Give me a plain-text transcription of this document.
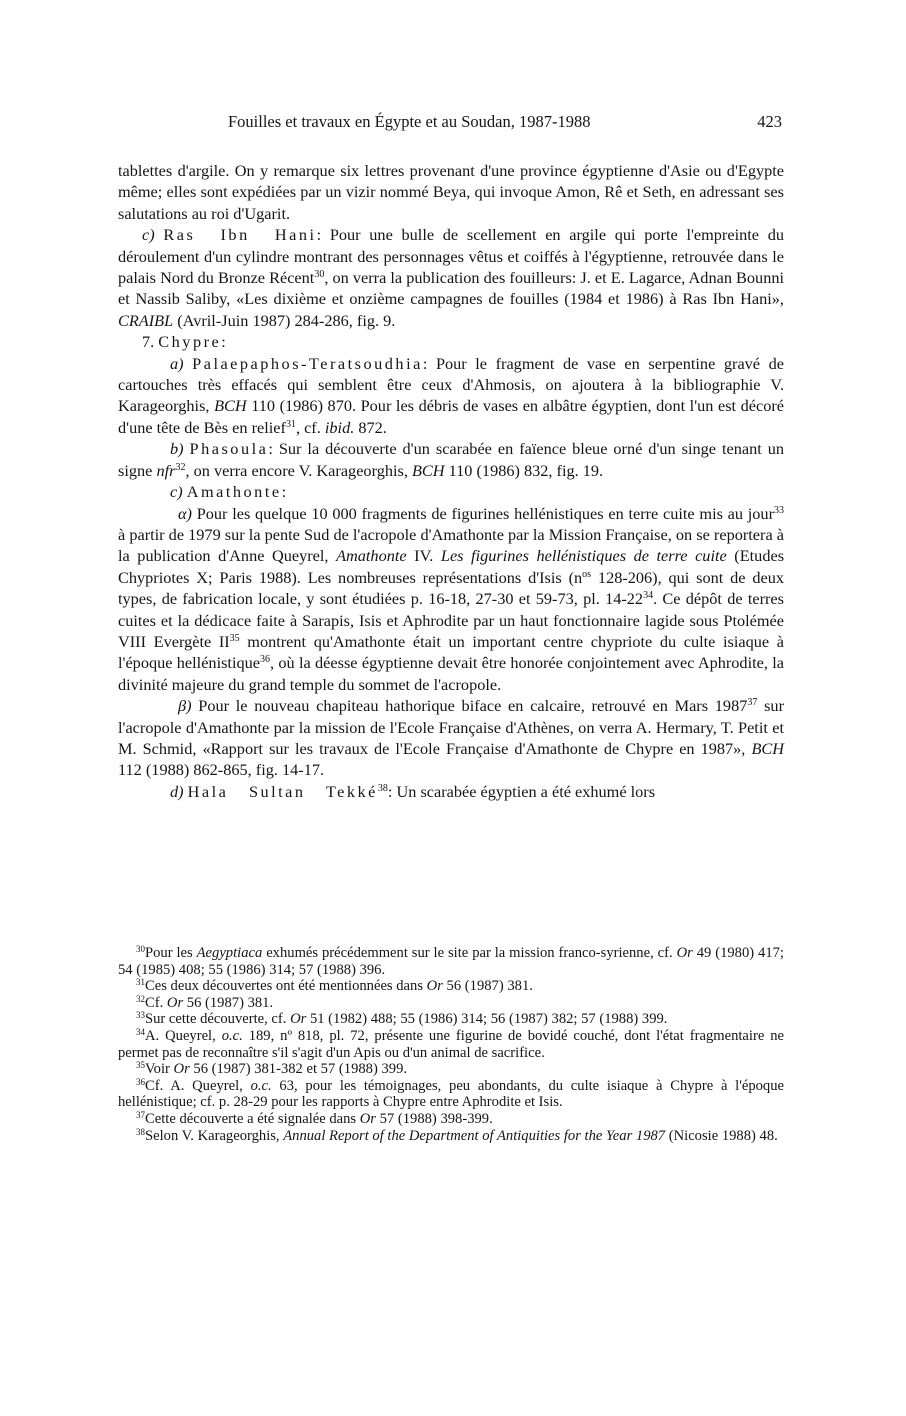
Fouilles et travaux en Égypte et au Soudan, 1987-1988	423

tablettes d'argile. On y remarque six lettres provenant d'une province égyptienne d'Asie ou d'Egypte même; elles sont expédiées par un vizir nommé Beya, qui invoque Amon, Rê et Seth, en adressant ses salutations au roi d'Ugarit.

c) Ras Ibn Hani: Pour une bulle de scellement en argile qui porte l'empreinte du déroulement d'un cylindre montrant des personnages vêtus et coiffés à l'égyptienne, retrouvée dans le palais Nord du Bronze Récent$^{30}$, on verra la publication des fouilleurs: J. et E. Lagarce, Adnan Bounni et Nassib Saliby, «Les dixième et onzième campagnes de fouilles (1984 et 1986) à Ras Ibn Hani», CRAIBL (Avril-Juin 1987) 284-286, fig. 9.

7. Chypre:

a) Palaepaphos-Teratsoudhia: Pour le fragment de vase en serpentine gravé de cartouches très effacés qui semblent être ceux d'Ahmosis, on ajoutera à la bibliographie V. Karageorghis, BCH 110 (1986) 870. Pour les débris de vases en albâtre égyptien, dont l'un est décoré d'une tête de Bès en relief$^{31}$, cf. ibid. 872.

b) Phasoula: Sur la découverte d'un scarabée en faïence bleue orné d'un singe tenant un signe nfr$^{32}$, on verra encore V. Karageorghis, BCH 110 (1986) 832, fig. 19.

c) Amathonte:

α) Pour les quelque 10 000 fragments de figurines hellénistiques en terre cuite mis au jour$^{33}$ à partir de 1979 sur la pente Sud de l'acropole d'Amathonte par la Mission Française, on se reportera à la publication d'Anne Queyrel, Amathonte IV. Les figurines hellénistiques de terre cuite (Etudes Chypriotes X; Paris 1988). Les nombreuses représentations d'Isis ($n^{os}$ 128-206), qui sont de deux types, de fabrication locale, y sont étudiées p. 16-18, 27-30 et 59-73, pl. $14-22^{34}$. Ce dépôt de terres cuites et la dédicace faite à Sarapis, Isis et Aphrodite par un haut fonctionnaire lagide sous Ptolémée VIII Evergète II$^{35}$ montrent qu'Amathonte était un important centre chypriote du culte isiaque à l'époque hellénistique$^{36}$, où la déesse égyptienne devait être honorée conjointement avec Aphrodite, la divinité majeure du grand temple du sommet de l'acropole.

β) Pour le nouveau chapiteau hathorique biface en calcaire, retrouvé en Mars 1987$^{37}$ sur l'acropole d'Amathonte par la mission de l'Ecole Française d'Athènes, on verra A. Hermary, T. Petit et M. Schmid, «Rapport sur les travaux de l'Ecole Française d'Amathonte de Chypre en 1987», BCH 112 (1988) 862-865, fig. 14-17.

d) Hala Sultan Tekké$^{38}$: Un scarabée égyptien a été exhumé lors

$^{30}$Pour les Aegyptiaca exhumés précédemment sur le site par la mission franco-syrienne, cf. Or 49 (1980) 417; 54 (1985) 408; 55 (1986) 314; 57 (1988) 396.

$^{31}$Ces deux découvertes ont été mentionnées dans Or 56 (1987) 381.

$^{32}$Cf. Or 56 (1987) 381.

$^{33}$Sur cette découverte, cf. Or 51 (1982) 488; 55 (1986) 314; 56 (1987) 382; 57 (1988) 399.

$^{34}$A. Queyrel, o.c. 189, nº 818, pl. 72, présente une figurine de bovidé couché, dont l'état fragmentaire ne permet pas de reconnaître s'il s'agit d'un Apis ou d'un animal de sacrifice.

$^{35}$Voir Or 56 (1987) 381-382 et 57 (1988) 399.

$^{36}$Cf. A. Queyrel, o.c. 63, pour les témoignages, peu abondants, du culte isiaque à Chypre à l'époque hellénistique; cf. p. 28-29 pour les rapports à Chypre entre Aphrodite et Isis.

$^{37}$Cette découverte a été signalée dans Or 57 (1988) 398-399.

$^{38}$Selon V. Karageorghis, Annual Report of the Department of Antiquities for the Year 1987 (Nicosie 1988) 48.
